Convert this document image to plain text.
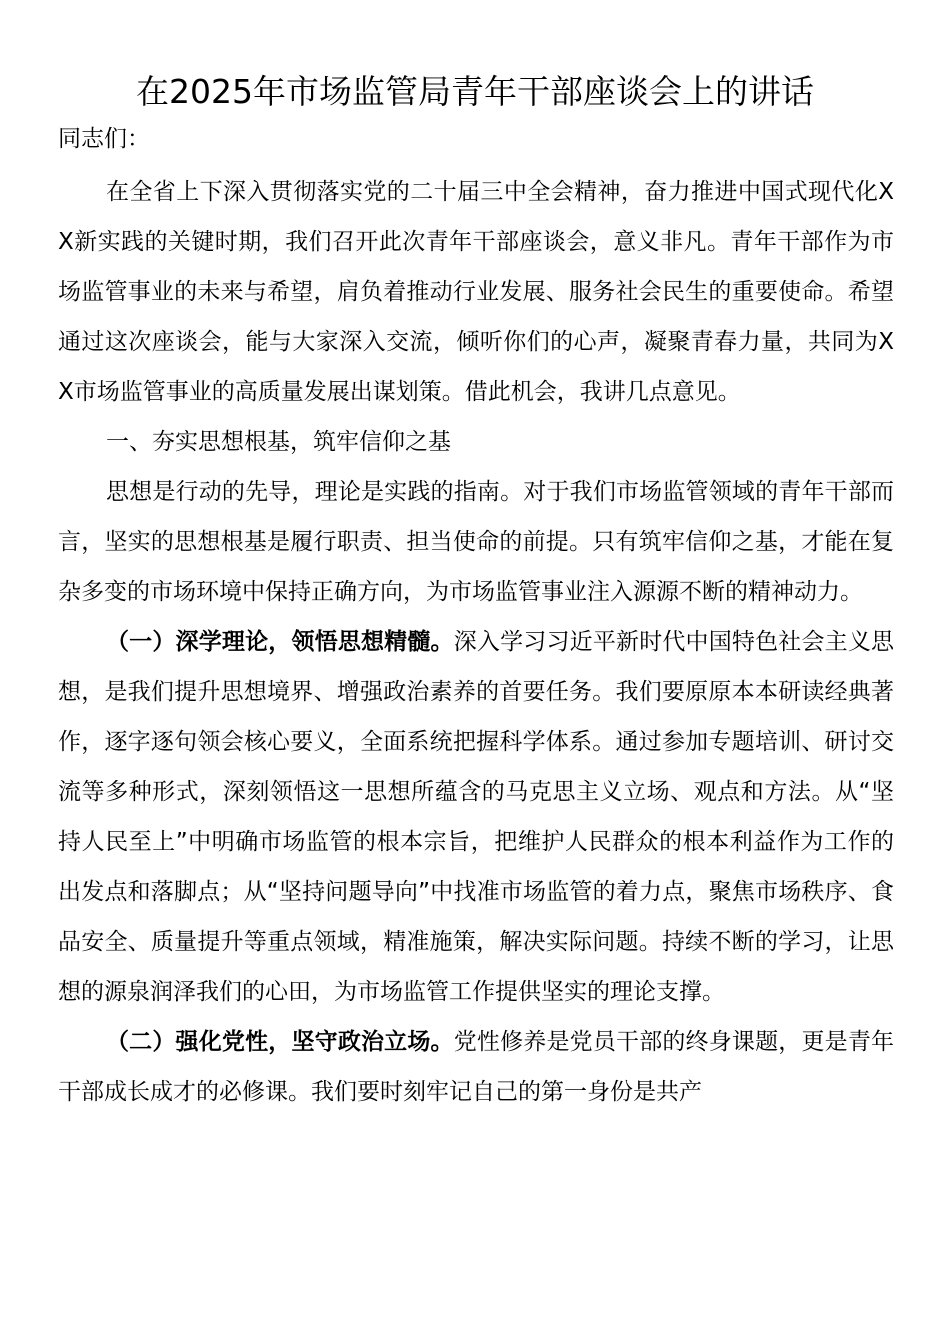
在2025年市场监管局青年干部座谈会上的讲话
同志们：

在全省上下深入贯彻落实党的二十届三中全会精神，奋力推进中国式现代化XX新实践的关键时期，我们召开此次青年干部座谈会，意义非凡。青年干部作为市场监管事业的未来与希望，肩负着推动行业发展、服务社会民生的重要使命。希望通过这次座谈会，能与大家深入交流，倾听你们的心声，凝聚青春力量，共同为XX市场监管事业的高质量发展出谋划策。借此机会，我讲几点意见。

一、夯实思想根基，筑牢信仰之基

思想是行动的先导，理论是实践的指南。对于我们市场监管领域的青年干部而言，坚实的思想根基是履行职责、担当使命的前提。只有筑牢信仰之基，才能在复杂多变的市场环境中保持正确方向，为市场监管事业注入源源不断的精神动力。

（一）深学理论，领悟思想精髓。深入学习习近平新时代中国特色社会主义思想，是我们提升思想境界、增强政治素养的首要任务。我们要原原本本研读经典著作，逐字逐句领会核心要义，全面系统把握科学体系。通过参加专题培训、研讨交流等多种形式，深刻领悟这一思想所蕴含的马克思主义立场、观点和方法。从“坚持人民至上”中明确市场监管的根本宗旨，把维护人民群众的根本利益作为工作的出发点和落脚点；从“坚持问题导向”中找准市场监管的着力点，聚焦市场秩序、食品安全、质量提升等重点领域，精准施策，解决实际问题。持续不断的学习，让思想的源泉润泽我们的心田，为市场监管工作提供坚实的理论支撑。

（二）强化党性，坚守政治立场。党性修养是党员干部的终身课题，更是青年干部成长成才的必修课。我们要时刻牢记自己的第一身份是共产
